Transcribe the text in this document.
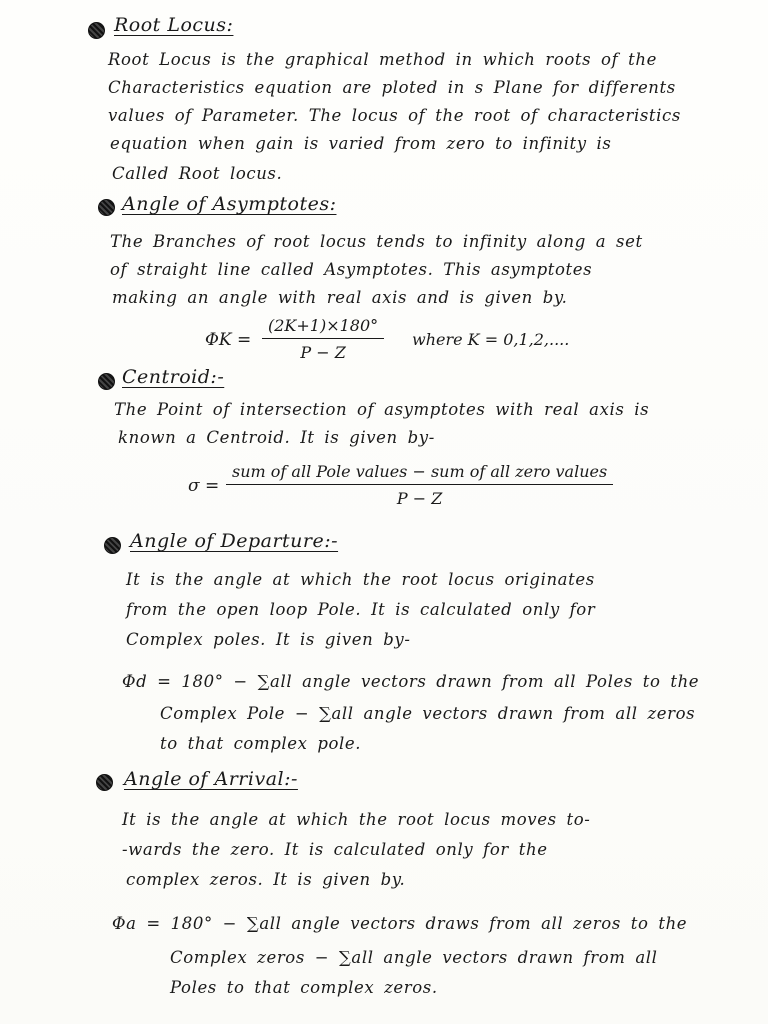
Root Locus:
Root Locus is the graphical method in which roots of the
Characteristics equation are ploted in s Plane for differents
values of Parameter. The locus of the root of characteristics
equation when gain is varied from zero to infinity is
Called Root locus.
Angle of Asymptotes:
The Branches of root locus tends to infinity along a set
of straight line called Asymptotes. This asymptotes
making an angle with real axis and is given by.
$\Phi K = \frac{(2K+1)\times 180^\circ}{P - Z}$ where K = 0,1,2,....
Centroid:-
The Point of intersection of asymptotes with real axis is
known a Centroid. It is given by-
σ =
sum of all Pole values − sum of all zero values
P − Z
Angle of Departure:-
It is the angle at which the root locus originates
from the open loop Pole. It is calculated only for
Complex poles. It is given by-
Φd = 180° − ∑all angle vectors drawn from all Poles to the
Complex Pole − ∑all angle vectors drawn from all zeros
to that complex pole.
Angle of Arrival:-
It is the angle at which the root locus moves to-
-wards the zero. It is calculated only for the
complex zeros. It is given by.
Φa = 180° − ∑all angle vectors draws from all zeros to the
Complex zeros − ∑all angle vectors drawn from all
Poles to that complex zeros.
